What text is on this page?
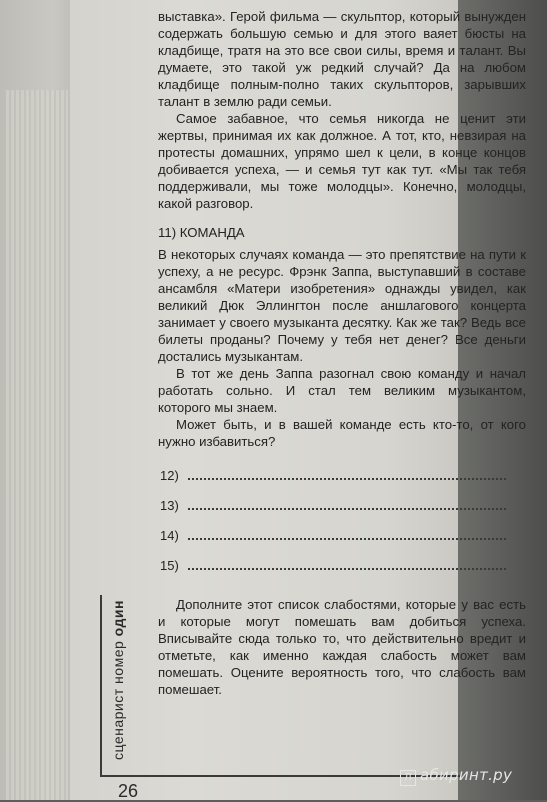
выставка». Герой фильма — скульптор, который вынужден содержать большую семью и для этого ваяет бюсты на кладбище, тратя на это все свои силы, время и талант. Вы думаете, это такой уж редкий случай? Да на любом кладбище полным-полно таких скульпторов, зарывших талант в землю ради семьи.

Самое забавное, что семья никогда не ценит эти жертвы, принимая их как должное. А тот, кто, невзирая на протесты домашних, упрямо шел к цели, в конце концов добивается успеха, — и семья тут как тут. «Мы так тебя поддерживали, мы тоже молодцы». Конечно, молодцы, какой разговор.

11) КОМАНДА

В некоторых случаях команда — это препятствие на пути к успеху, а не ресурс. Фрэнк Заппа, выступавший в составе ансамбля «Матери изобретения» однажды увидел, как великий Дюк Эллингтон после аншлагового концерта занимает у своего музыканта десятку. Как же так? Ведь все билеты проданы? Почему у тебя нет денег? Все деньги достались музыкантам.

В тот же день Заппа разогнал свою команду и начал работать сольно. И стал тем великим музыкантом, которого мы знаем.

Может быть, и в вашей команде есть кто-то, от кого нужно избавиться?

12)
13)
14)
15)

Дополните этот список слабостями, которые у вас есть и которые могут помешать вам добиться успеха. Вписывайте сюда только то, что действительно вредит и отметьте, как именно каждая слабость может вам помешать. Оцените вероятность того, что слабость вам помешает.

сценарист номер один
26
Л абиринт.ру
